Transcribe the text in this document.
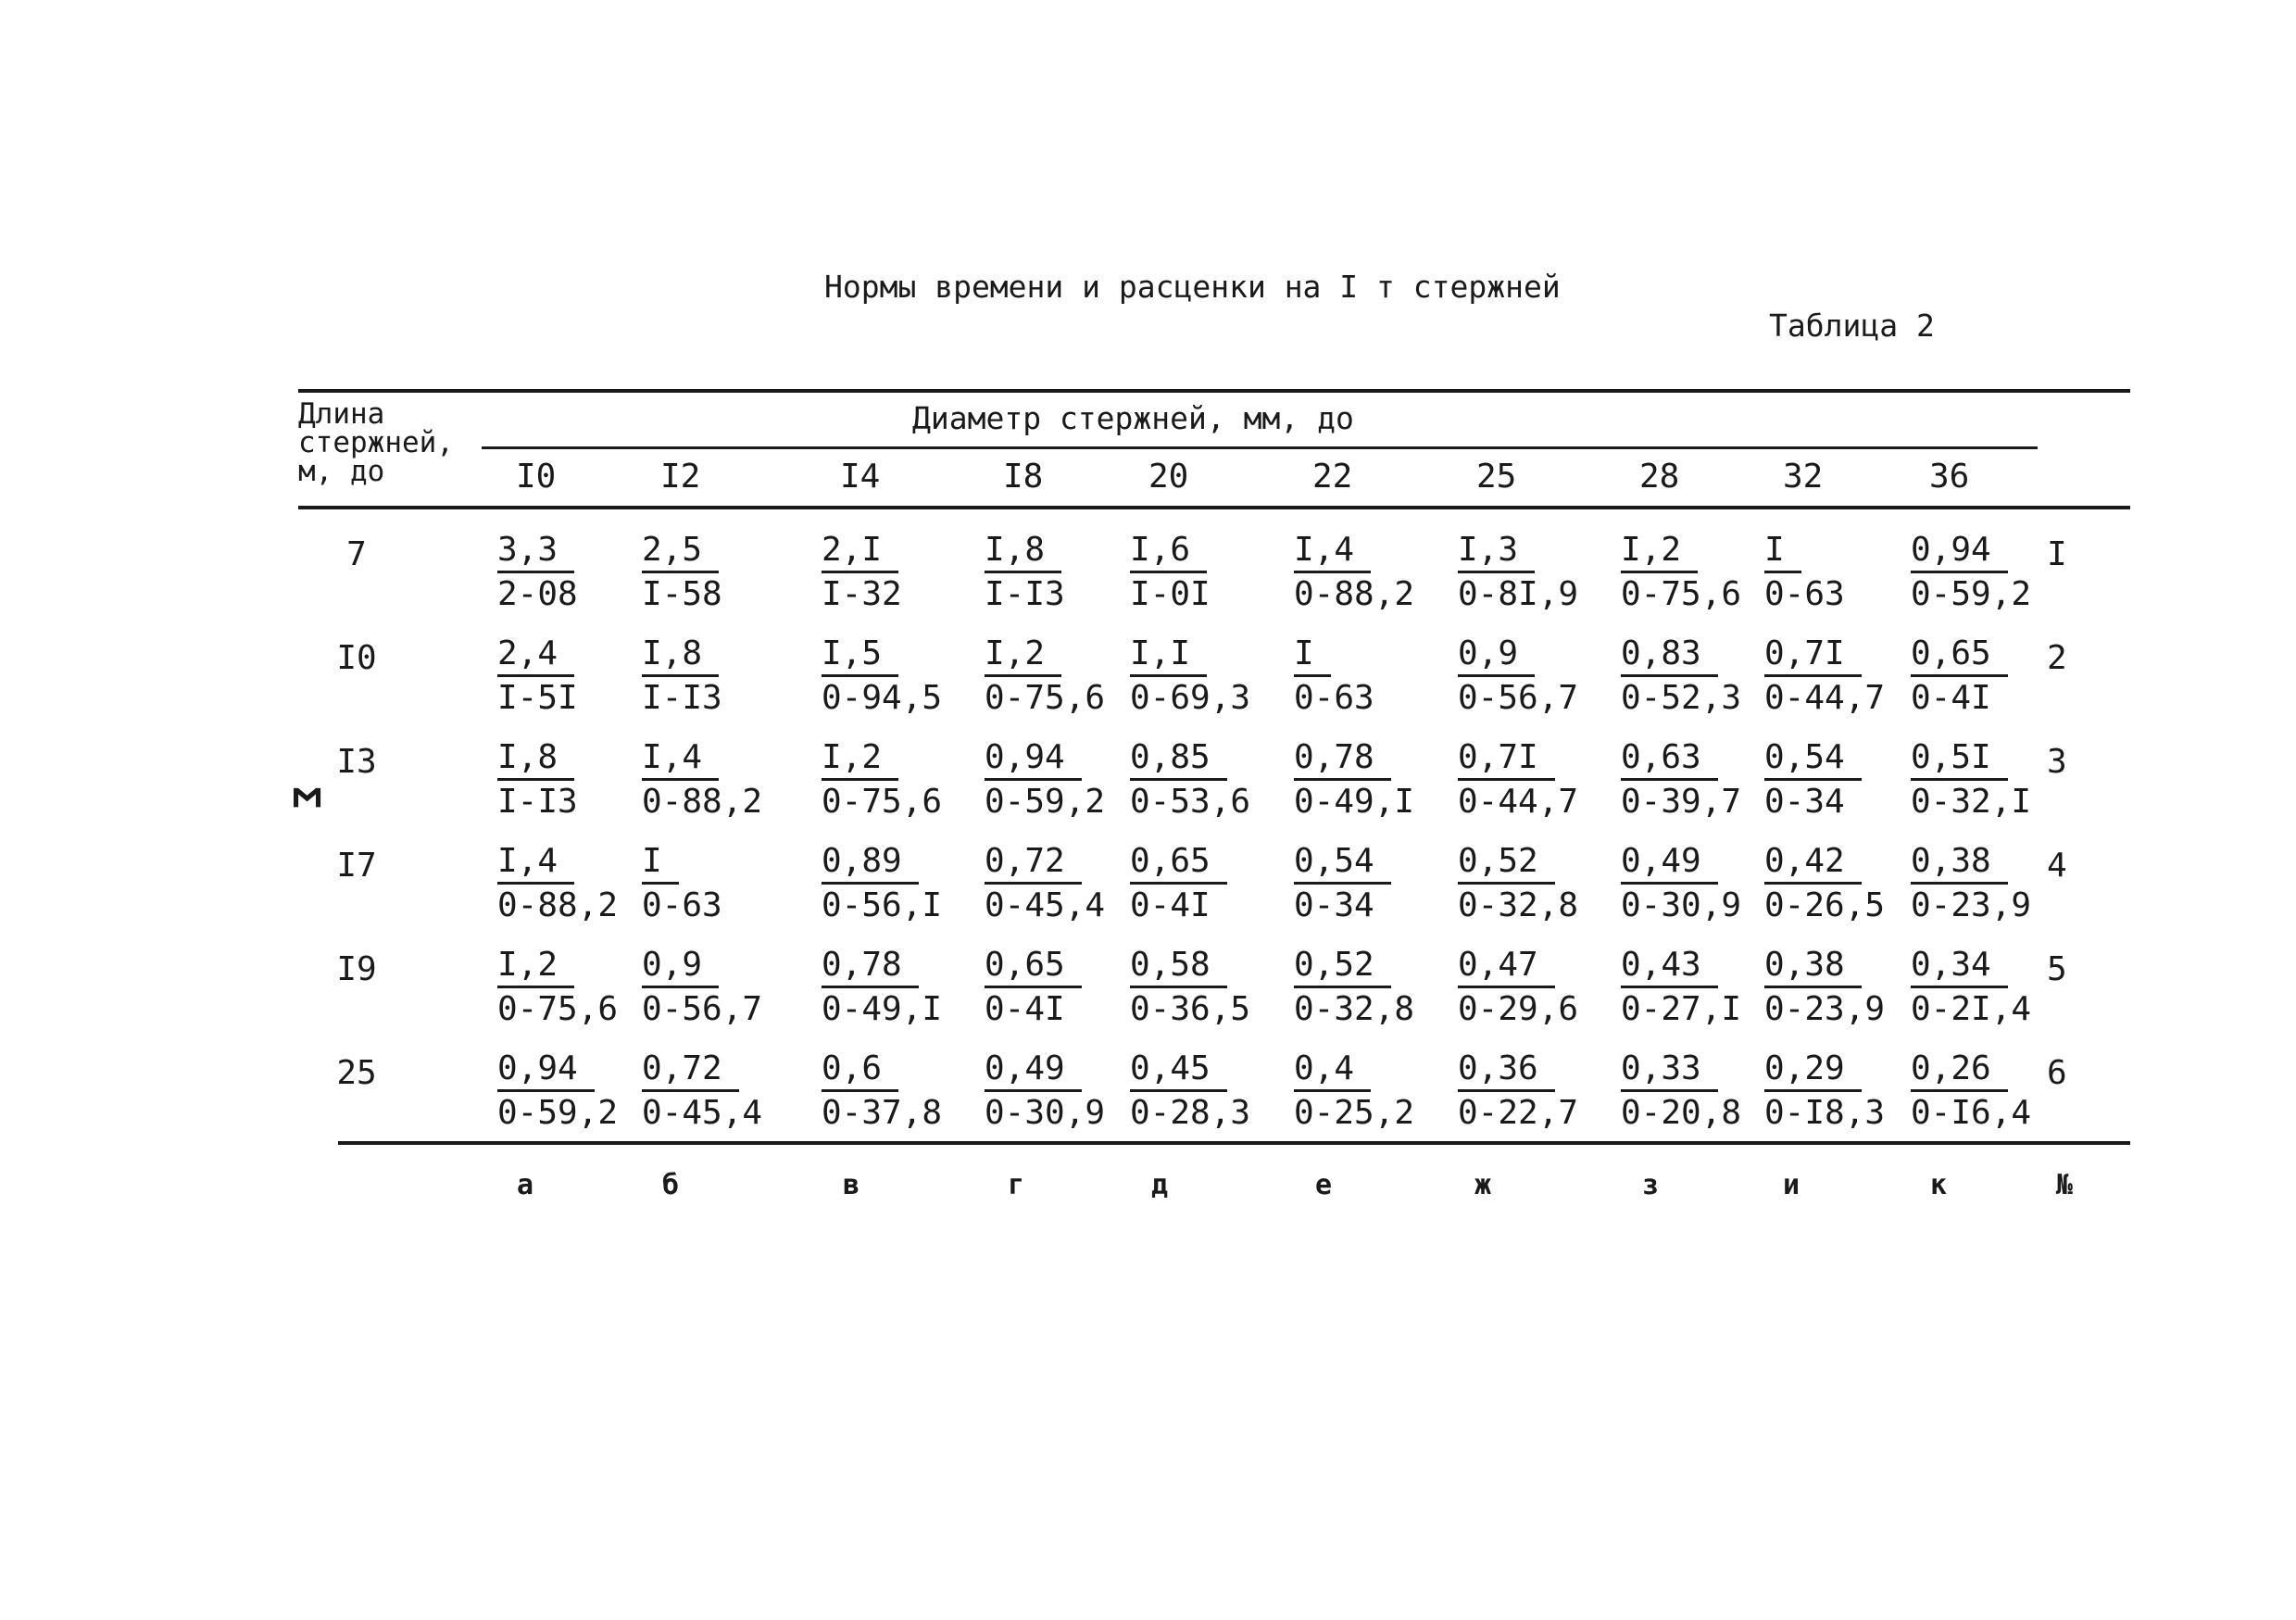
Нормы времени и расценки на I т стержней
Таблица 2
Длина
стержней,
м, до
Диаметр стержней, мм, до
I0	I2	I4	I8	20	22	25	28	32	36
7	$\frac{3,3}{2-08} \frac{2,5}{I-58}$	$\frac{2,I}{I-32} \frac{I,8}{I-I3} \frac{I,6}{I-0I}$	$\frac{I,4}{0-88,2} \frac{I,3}{0-8I,9} \frac{I,2}{0-75,6} \frac{I}{0-63} \frac{0,94}{0-59,2}$ I
I0	$\frac{2,4}{I-5I} \frac{I,8}{I-I3}$	$\frac{I,5}{0-94,5} \frac{I,2}{0-75,6} \frac{I,I}{0-69,3} \frac{I}{0-63}$	$\frac{0,9}{0-56,7} \frac{0,83}{0-52,3} \frac{0,7I}{0-44,7} \frac{0,65}{0-4I} 2$
I3	$\frac{I,8}{I-I3} \frac{I,4}{0-88,2} \frac{I,2}{0-75,6} \frac{0,94}{0-59,2} \frac{0,85}{0-53,6} \frac{0,78}{0-49,I} \frac{0,7I}{0-44,7} \frac{0,63}{0-39,7} \frac{0,54}{0-34} \frac{0,5I}{0-32,I} 3$
I7	$\frac{I,4}{0-88,2} \frac{I}{0-63}$	$\frac{0,89}{0-56,I} \frac{0,72}{0-45,4} \frac{0,65}{0-4I} \frac{0,54}{0-34} \frac{0,52}{0-32,8} \frac{0,49}{0-30,9} \frac{0,42}{0-26,5} \frac{0,38}{0-23,9} 4$
I9	$\frac{I,2}{0-75,6} \frac{0,9}{0-56,7} \frac{0,78}{0-49,I} \frac{0,65}{0-4I} \frac{0,58}{0-36,5} \frac{0,52}{0-32,8} \frac{0,47}{0-29,6} \frac{0,43}{0-27,I} \frac{0,38}{0-23,9} \frac{0,34}{0-2I,4} 5$
25	$\frac{0,94}{0-59,2} \frac{0,72}{0-45,4} \frac{0,6}{0-37,8} \frac{0,49}{0-30,9} \frac{0,45}{0-28,3} \frac{0,4}{0-25,2} \frac{0,36}{0-22,7} \frac{0,33}{0-20,8} \frac{0,29}{0-I8,3} \frac{0,26}{0-I6,4} 6$
а	б	в	г	д	е	ж	з	и	к	№
Σ
